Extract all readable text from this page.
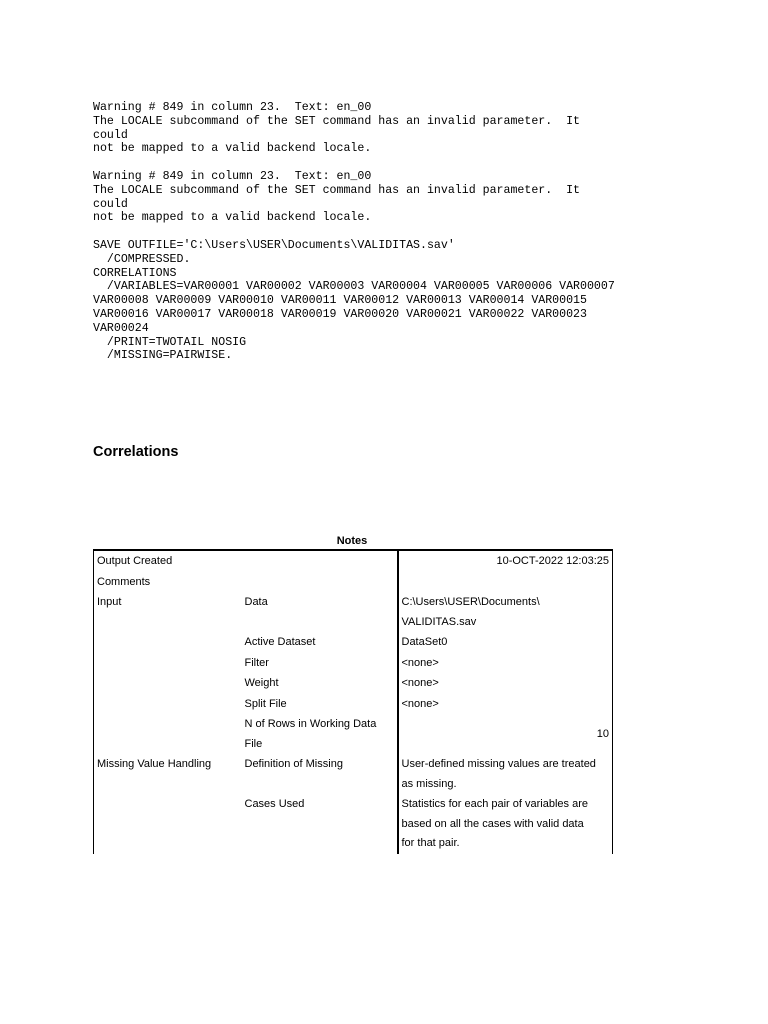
Warning # 849 in column 23.  Text: en_00
The LOCALE subcommand of the SET command has an invalid parameter.  It
could
not be mapped to a valid backend locale.
Warning # 849 in column 23.  Text: en_00
The LOCALE subcommand of the SET command has an invalid parameter.  It
could
not be mapped to a valid backend locale.
SAVE OUTFILE='C:\Users\USER\Documents\VALIDITAS.sav'
/COMPRESSED.
CORRELATIONS
/VARIABLES=VAR00001 VAR00002 VAR00003 VAR00004 VAR00005 VAR00006 VAR00007
VAR00008 VAR00009 VAR00010 VAR00011 VAR00012 VAR00013 VAR00014 VAR00015
VAR00016 VAR00017 VAR00018 VAR00019 VAR00020 VAR00021 VAR00022 VAR00023
VAR00024
/PRINT=TWOTAIL NOSIG
/MISSING=PAIRWISE.
Correlations
Notes
Output Created		10-OCT-2022 12:03:25
Comments		
Input	Data	C:\Users\USER\Documents\
VALIDITAS.sav
	Active Dataset	DataSet0
	Filter	<none>
	Weight	<none>
	Split File	<none>
	N of Rows in Working Data
File	10
Missing Value Handling	Definition of Missing	User-defined missing values are treated
as missing.
	Cases Used	Statistics for each pair of variables are
based on all the cases with valid data
for that pair.
